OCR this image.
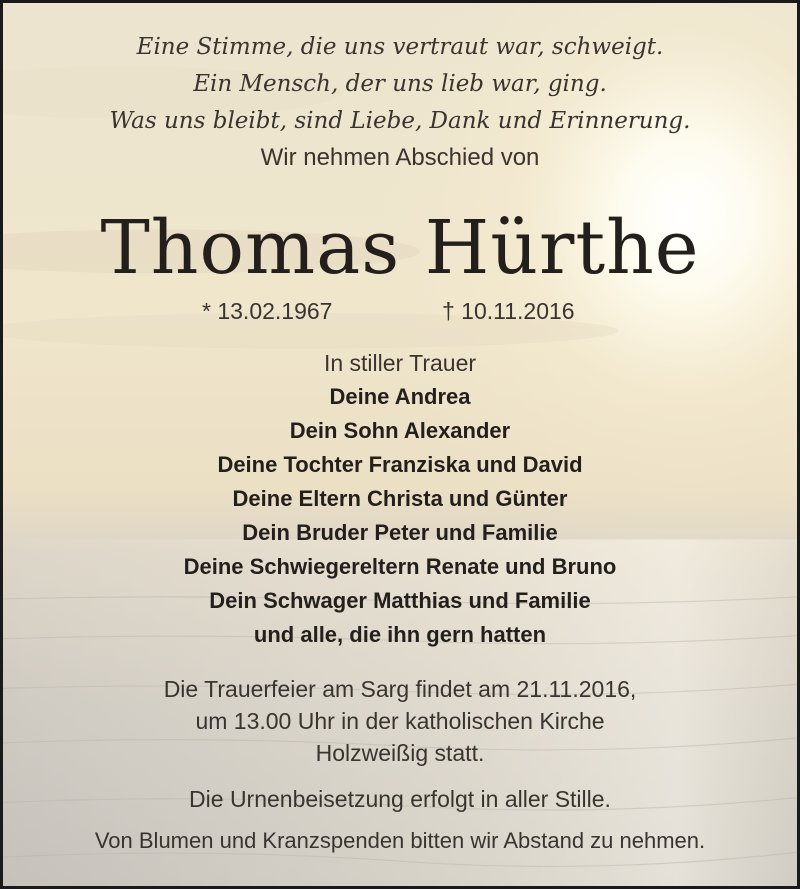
Eine Stimme, die uns vertraut war, schweigt.
Ein Mensch, der uns lieb war, ging.
Was uns bleibt, sind Liebe, Dank und Erinnerung.
Wir nehmen Abschied von
Thomas Hürthe
* 13.02.1967	† 10.11.2016
In stiller Trauer
Deine Andrea
Dein Sohn Alexander
Deine Tochter Franziska und David
Deine Eltern Christa und Günter
Dein Bruder Peter und Familie
Deine Schwiegereltern Renate und Bruno
Dein Schwager Matthias und Familie
und alle, die ihn gern hatten
Die Trauerfeier am Sarg findet am 21.11.2016,
um 13.00 Uhr in der katholischen Kirche
Holzweißig statt.
Die Urnenbeisetzung erfolgt in aller Stille.
Von Blumen und Kranzspenden bitten wir Abstand zu nehmen.
